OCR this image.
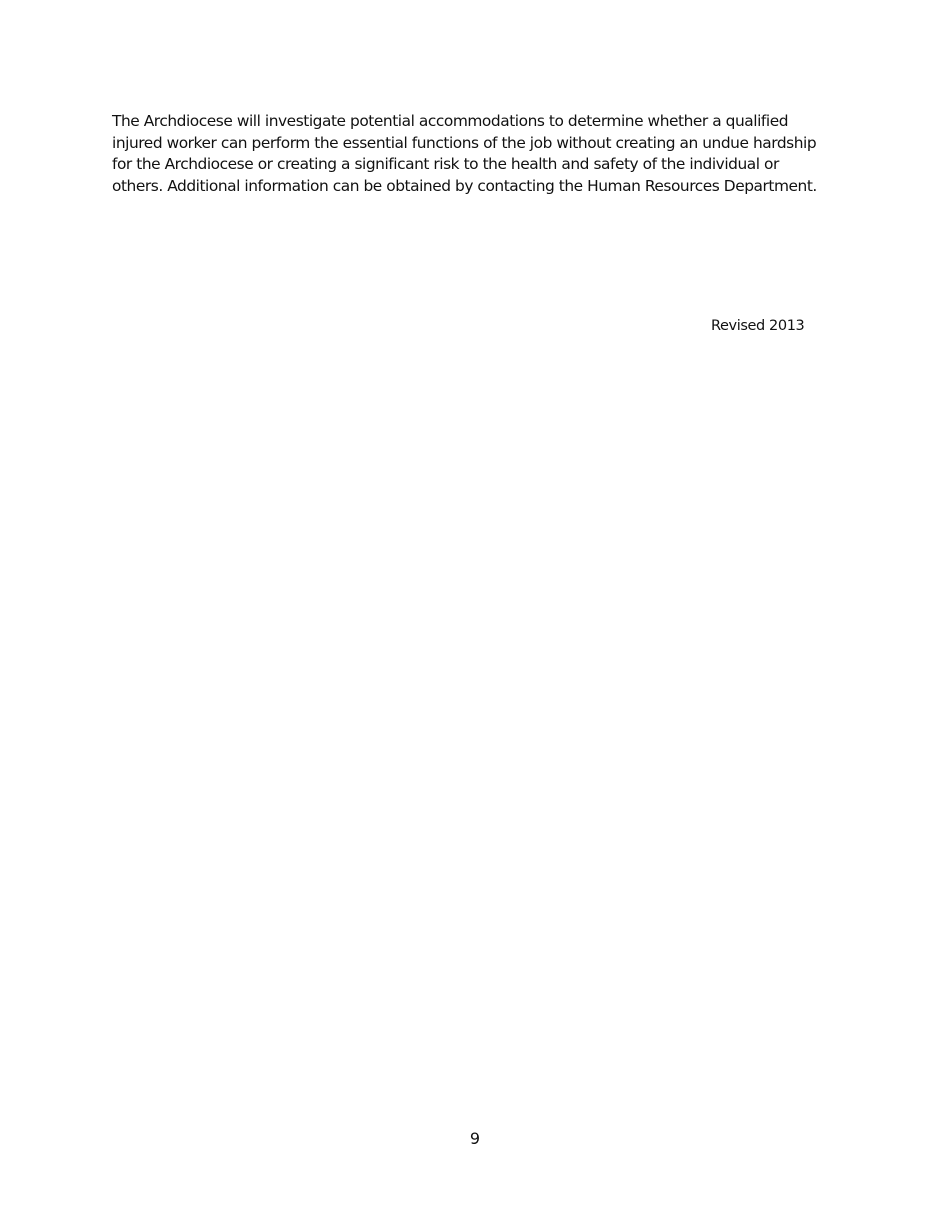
The Archdiocese will investigate potential accommodations to determine whether a qualified
injured worker can perform the essential functions of the job without creating an undue hardship
for the Archdiocese or creating a significant risk to the health and safety of the individual or
others. Additional information can be obtained by contacting the Human Resources Department.

Revised 2013
9
